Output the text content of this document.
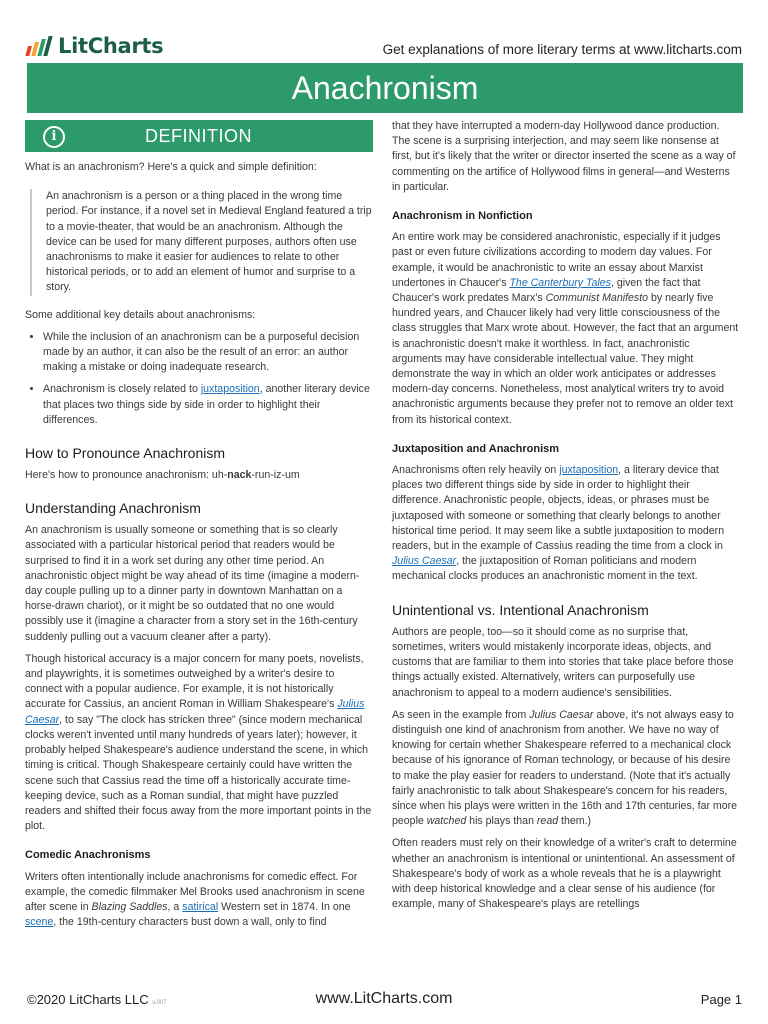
LitCharts	Get explanations of more literary terms at www.litcharts.com
Anachronism
i	DEFINITION

What is an anachronism? Here's a quick and simple definition:

An anachronism is a person or a thing placed in the wrong time period. For instance, if a novel set in Medieval England featured a trip to a movie-theater, that would be an anachronism. Although the device can be used for many different purposes, authors often use anachronisms to make it easier for audiences to relate to other historical periods, or to add an element of humor and surprise to a story.

Some additional key details about anachronisms:

• While the inclusion of an anachronism can be a purposeful decision made by an author, it can also be the result of an error: an author making a mistake or doing inadequate research.
• Anachronism is closely related to juxtaposition, another literary device that places two things side by side in order to highlight their differences.
How to Pronounce Anachronism

Here's how to pronounce anachronism: uh-nack-run-iz-um

Understanding Anachronism

An anachronism is usually someone or something that is so clearly associated with a particular historical period that readers would be surprised to find it in a work set during any other time period. An anachronistic object might be way ahead of its time (imagine a modern-day couple pulling up to a dinner party in downtown Manhattan on a horse-drawn chariot), or it might be so outdated that no one would possibly use it (imagine a character from a story set in the 16th-century suddenly pulling out a vacuum cleaner after a party).

Though historical accuracy is a major concern for many poets, novelists, and playwrights, it is sometimes outweighed by a writer's desire to connect with a popular audience. For example, it is not historically accurate for Cassius, an ancient Roman in William Shakespeare's Julius Caesar, to say "The clock has stricken three" (since modern mechanical clocks weren't invented until many hundreds of years later); however, it probably helped Shakespeare's audience understand the scene, in which timing is critical. Though Shakespeare certainly could have written the scene such that Cassius read the time off a historically accurate time-keeping device, such as a Roman sundial, that might have puzzled readers and shifted their focus away from the more important points in the plot.

Comedic Anachronisms

Writers often intentionally include anachronisms for comedic effect. For example, the comedic filmmaker Mel Brooks used anachronism in scene after scene in Blazing Saddles, a satirical Western set in 1874. In one scene, the 19th-century characters bust down a wall, only to find

that they have interrupted a modern-day Hollywood dance production. The scene is a surprising interjection, and may seem like nonsense at first, but it's likely that the writer or director inserted the scene as a way of commenting on the artifice of Hollywood films in general—and Westerns in particular.

Anachronism in Nonfiction

An entire work may be considered anachronistic, especially if it judges past or even future civilizations according to modern day values. For example, it would be anachronistic to write an essay about Marxist undertones in Chaucer's The Canterbury Tales, given the fact that Chaucer's work predates Marx's Communist Manifesto by nearly five hundred years, and Chaucer likely had very little consciousness of the class struggles that Marx wrote about. However, the fact that an argument is anachronistic doesn't make it worthless. In fact, anachronistic arguments may have considerable intellectual value. They might demonstrate the way in which an older work anticipates or addresses modern-day concerns. Nonetheless, most analytical writers try to avoid anachronistic arguments because they prefer not to remove an older text from its historical context.

Juxtaposition and Anachronism

Anachronisms often rely heavily on juxtaposition, a literary device that places two different things side by side in order to highlight their difference. Anachronistic people, objects, ideas, or phrases must be juxtaposed with someone or something that clearly belongs to another historical time period. It may seem like a subtle juxtaposition to modern readers, but in the example of Cassius reading the time from a clock in Julius Caesar, the juxtaposition of Roman politicians and modern mechanical clocks produces an anachronistic moment in the text.

Unintentional vs. Intentional Anachronism

Authors are people, too—so it should come as no surprise that, sometimes, writers would mistakenly incorporate ideas, objects, and customs that are familiar to them into stories that take place before those things actually existed. Alternatively, writers can purposefully use anachronism to appeal to a modern audience's sensibilities.

As seen in the example from Julius Caesar above, it's not always easy to distinguish one kind of anachronism from another. We have no way of knowing for certain whether Shakespeare referred to a mechanical clock because of his ignorance of Roman technology, or because of his desire to make the play easier for readers to understand. (Note that it's actually fairly anachronistic to talk about Shakespeare's concern for his readers, since when his plays were written in the 16th and 17th centuries, far more people watched his plays than read them.)

Often readers must rely on their knowledge of a writer's craft to determine whether an anachronism is intentional or unintentional. An assessment of Shakespeare's body of work as a whole reveals that he is a playwright with deep historical knowledge and a clear sense of his audience (for example, many of Shakespeare's plays are retellings

©2020 LitCharts LLC v.007	www.LitCharts.com	Page 1
